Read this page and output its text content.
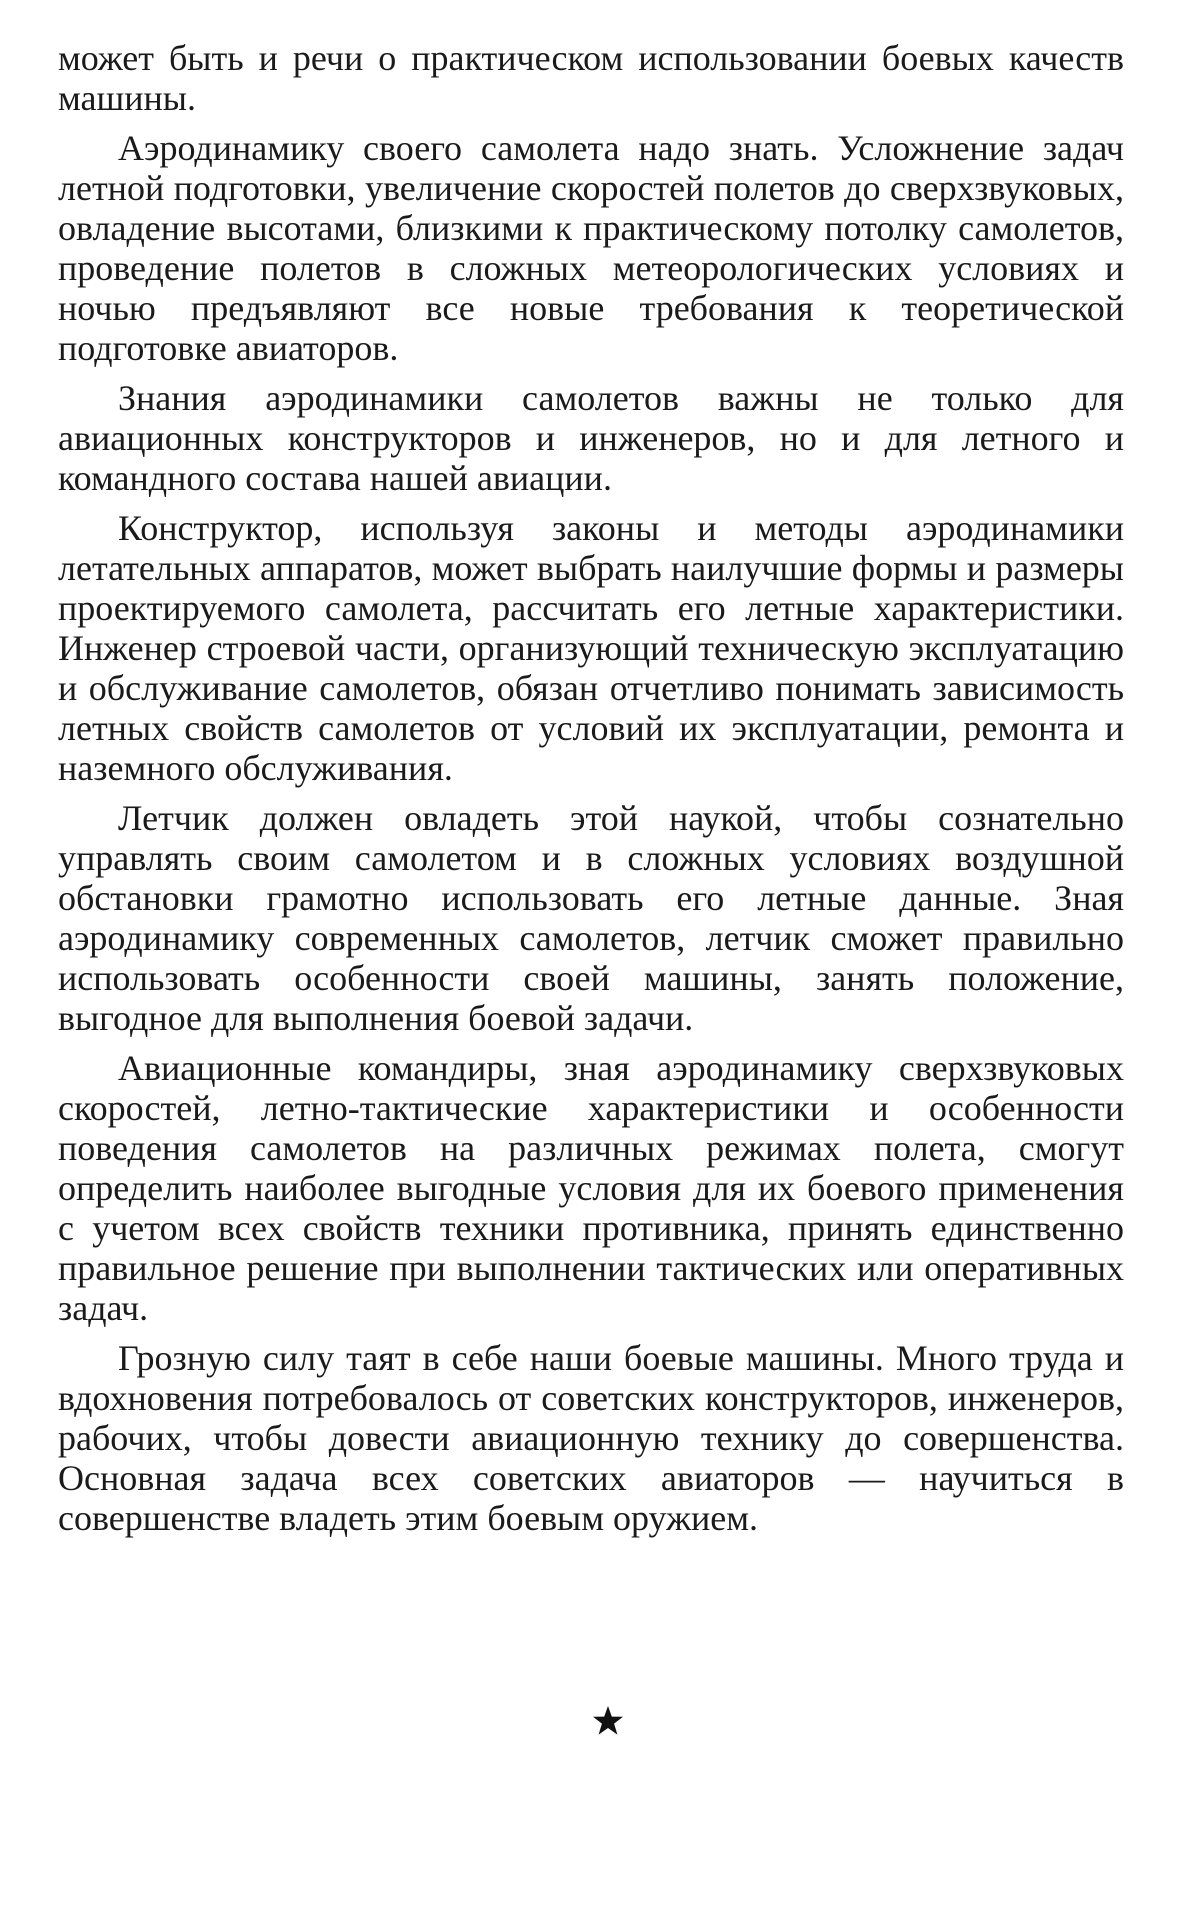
может быть и речи о практическом использовании боевых качеств машины.

Аэродинамику своего самолета надо знать. Усложнение задач летной подготовки, увеличение скоростей полетов до сверхзвуковых, овладение высотами, близкими к практическому потолку самолетов, проведение полетов в сложных метеорологических условиях и ночью предъявляют все новые требования к теоретической подготовке авиаторов.

Знания аэродинамики самолетов важны не только для авиационных конструкторов и инженеров, но и для летного и командного состава нашей авиации.

Конструктор, используя законы и методы аэродинамики летательных аппаратов, может выбрать наилучшие формы и размеры проектируемого самолета, рассчитать его летные характеристики. Инженер строевой части, организующий техническую эксплуатацию и обслуживание самолетов, обязан отчетливо понимать зависимость летных свойств самолетов от условий их эксплуатации, ремонта и наземного обслуживания.

Летчик должен овладеть этой наукой, чтобы сознательно управлять своим самолетом и в сложных условиях воздушной обстановки грамотно использовать его летные данные. Зная аэродинамику современных самолетов, летчик сможет правильно использовать особенности своей машины, занять положение, выгодное для выполнения боевой задачи.

Авиационные командиры, зная аэродинамику сверхзвуковых скоростей, летно-тактические характеристики и особенности поведения самолетов на различных режимах полета, смогут определить наиболее выгодные условия для их боевого применения с учетом всех свойств техники противника, принять единственно правильное решение при выполнении тактических или оперативных задач.

Грозную силу таят в себе наши боевые машины. Много труда и вдохновения потребовалось от советских конструкторов, инженеров, рабочих, чтобы довести авиационную технику до совершенства. Основная задача всех советских авиаторов — научиться в совершенстве владеть этим боевым оружием.
